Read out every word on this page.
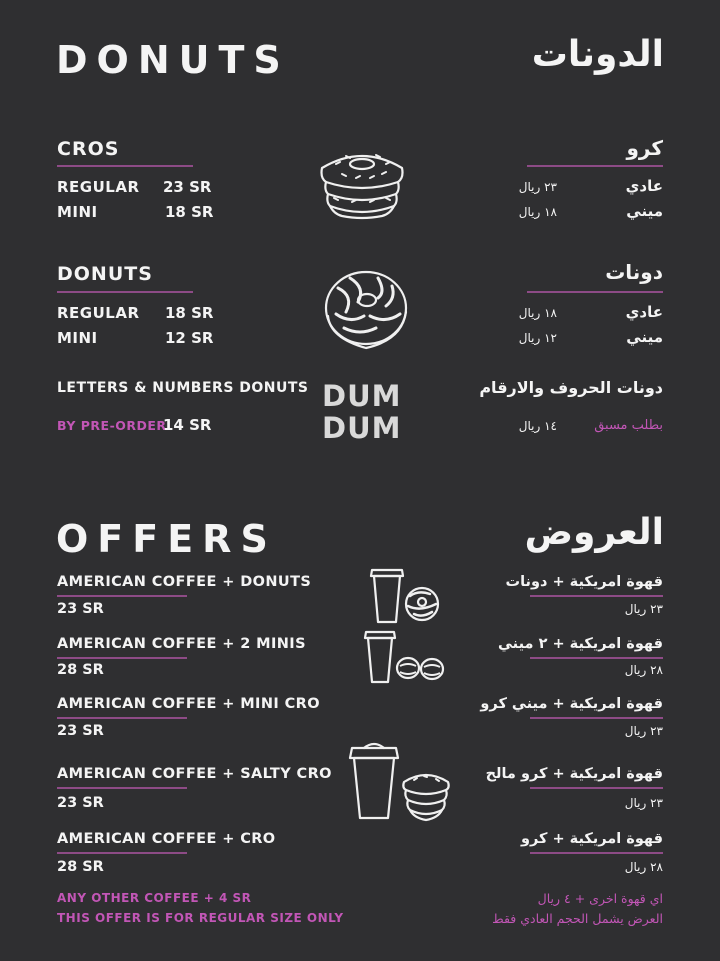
DONUTS	الدونات
CROS	كرو
REGULAR 23 SR
MINI	18 SR
عادي
٢٣ ريال
ميني
١٨ ريال
DONUTS	دونات
REGULAR 18 SR
MINI	12 SR
عادي
١٨ ريال
ميني
١٢ ريال
LETTERS & NUMBERS DONUTS	دونات الحروف والارقام
BY PRE-ORDER
14 SR	بطلب مسبق
١٤ ريال
DUM
DUM
OFFERS	العروض
AMERICAN COFFEE + DONUTS
23 SR
قهوة امريكية + دونات
٢٣ ريال
AMERICAN COFFEE + 2 MINIS
28 SR
قهوة امريكية + ٢ ميني
٢٨ ريال
AMERICAN COFFEE + MINI CRO
23 SR
قهوة امريكية + ميني كرو
٢٣ ريال
AMERICAN COFFEE + SALTY CRO
23 SR
قهوة امريكية + كرو مالح
٢٣ ريال
AMERICAN COFFEE + CRO
28 SR
قهوة امريكية + كرو
٢٨ ريال
ANY OTHER COFFEE + 4 SR
THIS OFFER IS FOR REGULAR SIZE ONLY
اي قهوة اخرى + ٤ ريال
العرض يشمل الحجم العادي فقط
